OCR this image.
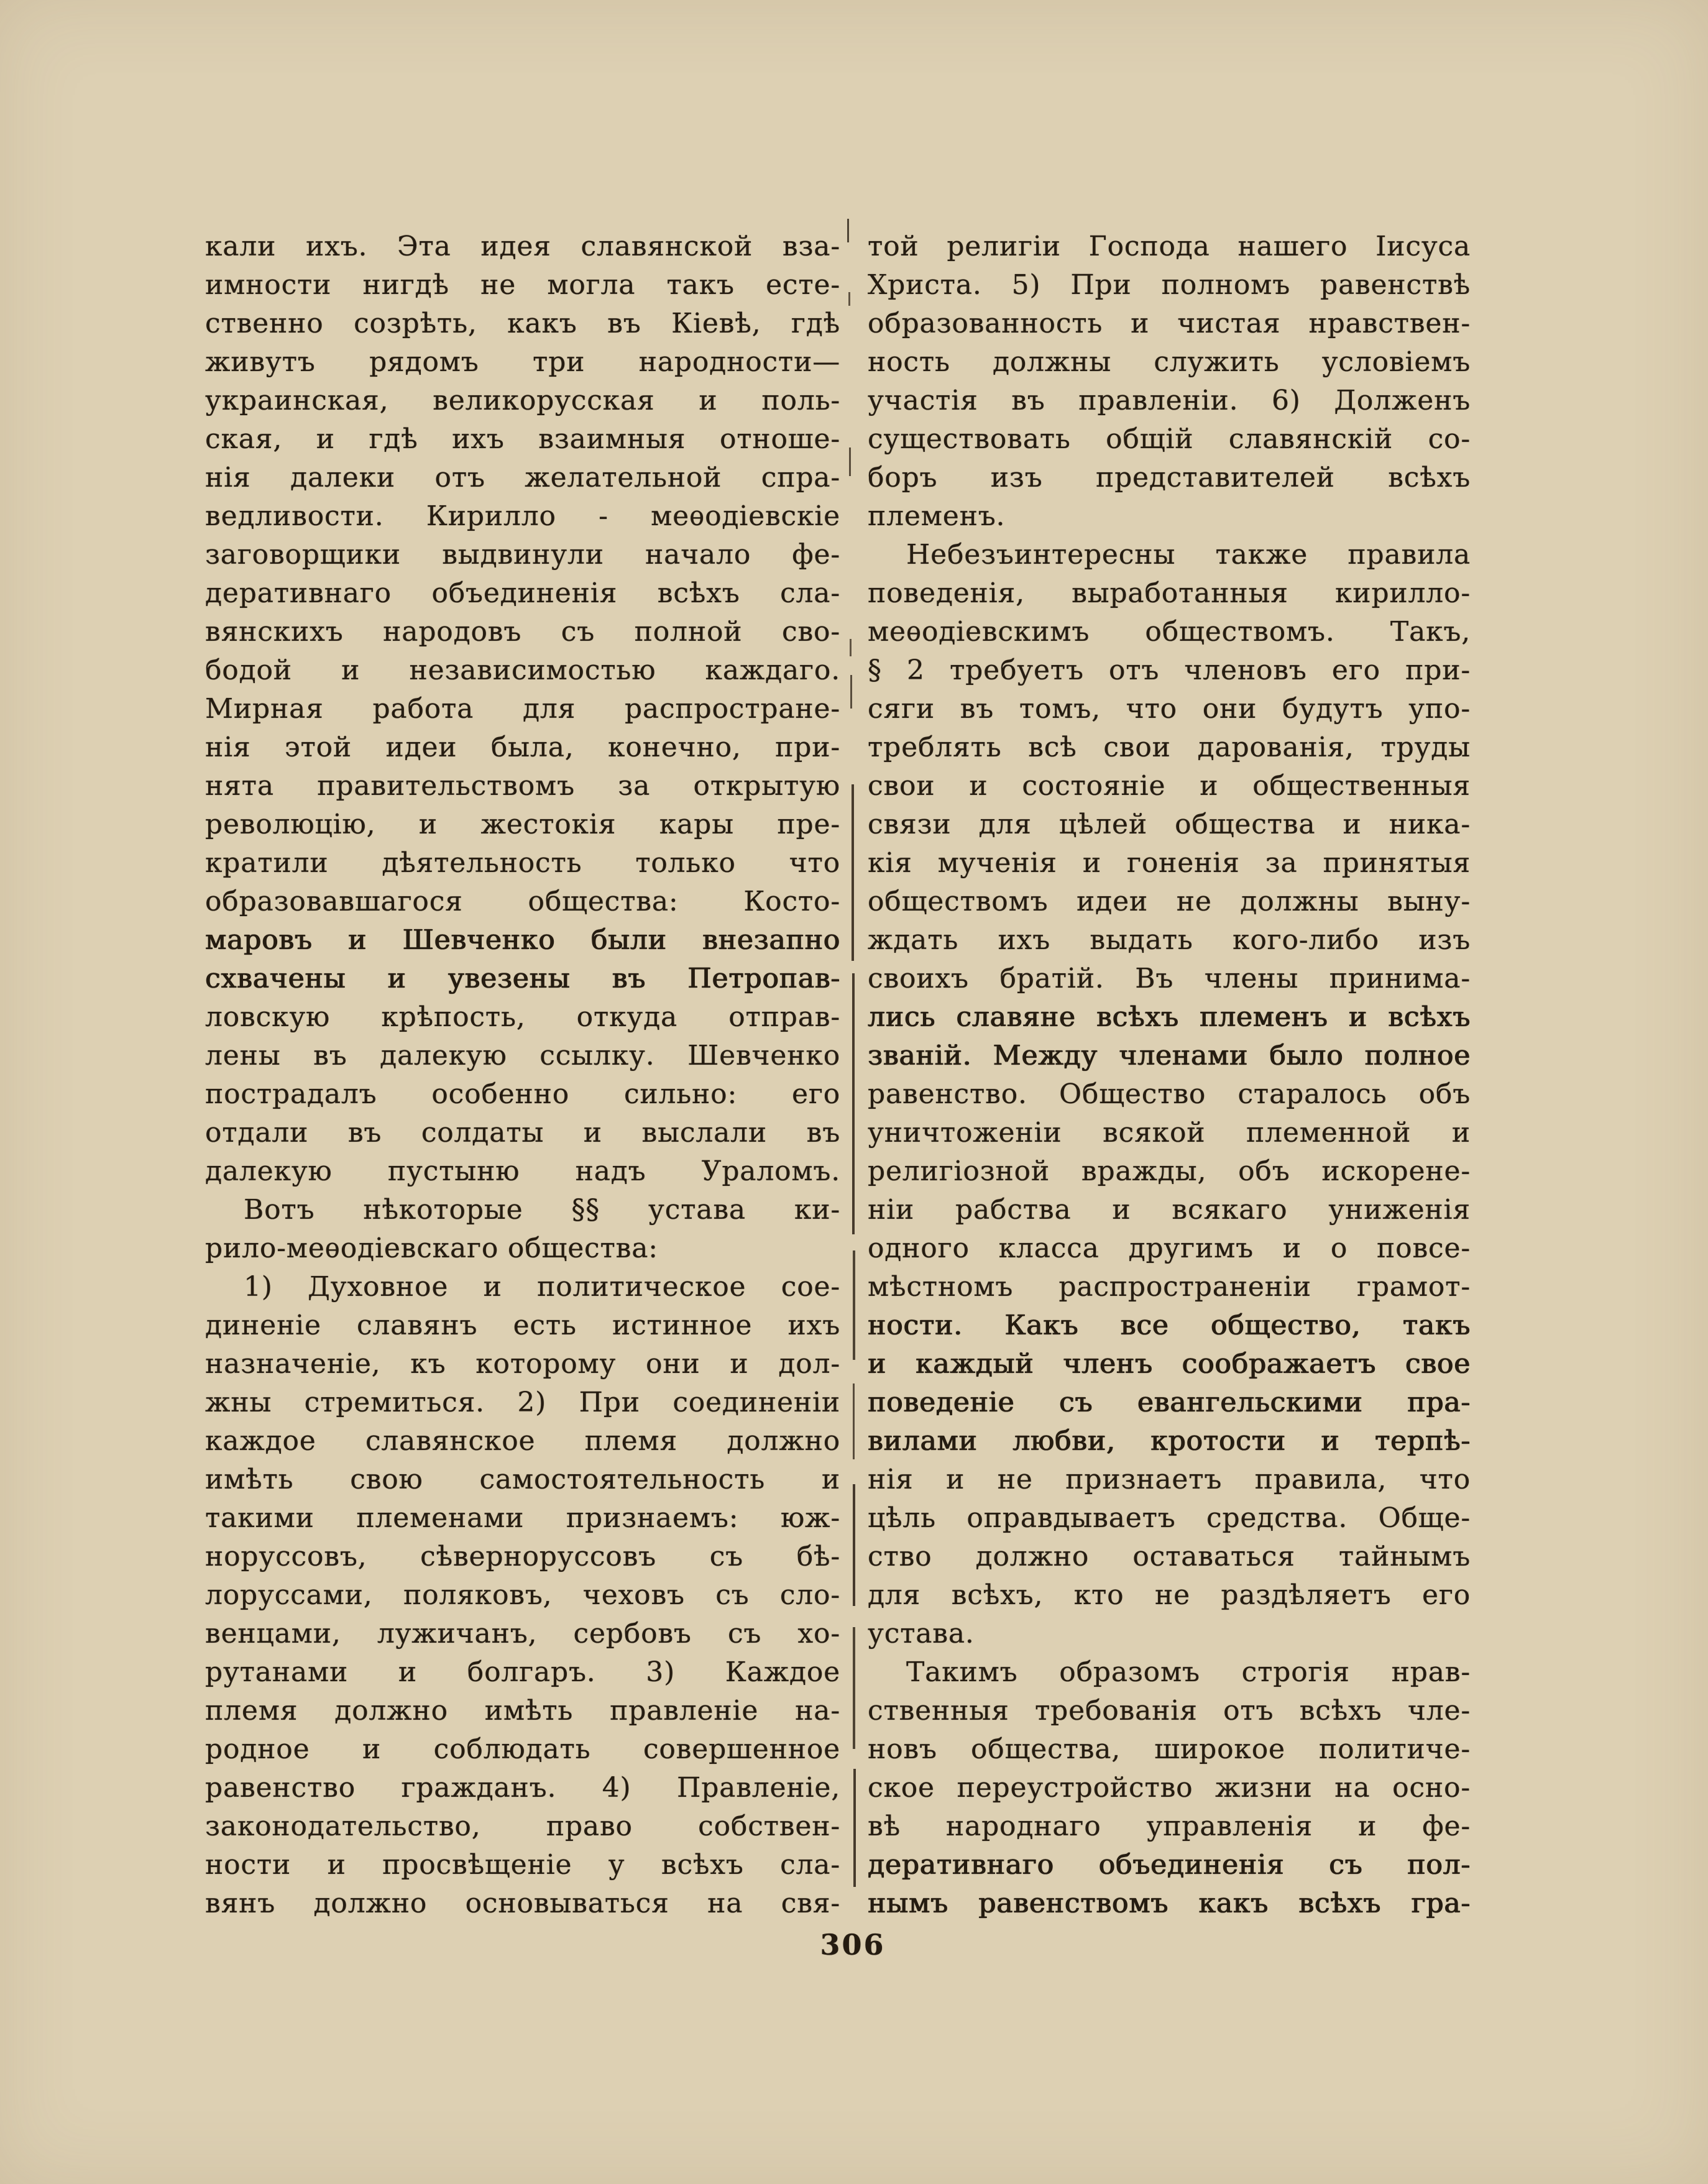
кали ихъ. Эта идея славянской вза-
имности нигдѣ не могла такъ есте-
ственно созрѣть, какъ въ Кіевѣ, гдѣ
живутъ рядомъ три народности—
украинская, великорусская и поль-
ская, и гдѣ ихъ взаимныя отноше-
нія далеки отъ желательной спра-
ведливости. Кирилло - меѳодіевскіе
заговорщики выдвинули начало фе-
деративнаго объединенія всѣхъ сла-
вянскихъ народовъ съ полной сво-
бодой и независимостью каждаго.
Мирная работа для распростране-
нія этой идеи была, конечно, при-
нята правительствомъ за открытую
революцію, и жестокія кары пре-
кратили дѣятельность только что
образовавшагося общества: Косто-
маровъ и Шевченко были внезапно
схвачены и увезены въ Петропав-
ловскую крѣпость, откуда отправ-
лены въ далекую ссылку. Шевченко
пострадалъ особенно сильно: его
отдали въ солдаты и выслали въ
далекую пустыню надъ Ураломъ.
Вотъ нѣкоторые §§ устава ки-
рило-меѳодіевскаго общества:
1) Духовное и политическое сое-
диненіе славянъ есть истинное ихъ
назначеніе, къ которому они и дол-
жны стремиться. 2) При соединеніи
каждое славянское племя должно
имѣть свою самостоятельность и
такими племенами признаемъ: юж-
норуссовъ, сѣверноруссовъ съ бѣ-
лоруссами, поляковъ, чеховъ съ сло-
венцами, лужичанъ, сербовъ съ хо-
рутанами и болгаръ. 3) Каждое
племя должно имѣть правленіе на-
родное и соблюдать совершенное
равенство гражданъ. 4) Правленіе,
законодательство, право собствен-
ности и просвѣщеніе у всѣхъ сла-
вянъ должно основываться на свя-
той религіи Господа нашего Іисуса
Христа. 5) При полномъ равенствѣ
образованность и чистая нравствен-
ность должны служить условіемъ
участія въ правленіи. 6) Долженъ
существовать общій славянскій со-
боръ изъ представителей всѣхъ
племенъ.
Небезъинтересны также правила
поведенія, выработанныя кирилло-
меѳодіевскимъ обществомъ. Такъ,
§ 2 требуетъ отъ членовъ его при-
сяги въ томъ, что они будутъ упо-
треблять всѣ свои дарованія, труды
свои и состояніе и общественныя
связи для цѣлей общества и ника-
кія мученія и гоненія за принятыя
обществомъ идеи не должны выну-
ждать ихъ выдать кого-либо изъ
своихъ братій. Въ члены принима-
лись славяне всѣхъ племенъ и всѣхъ
званій. Между членами было полное
равенство. Общество старалось объ
уничтоженіи всякой племенной и
религіозной вражды, объ искорене-
ніи рабства и всякаго униженія
одного класса другимъ и о повсе-
мѣстномъ распространеніи грамот-
ности. Какъ все общество, такъ
и каждый членъ соображаетъ свое
поведеніе съ евангельскими пра-
вилами любви, кротости и терпѣ-
нія и не признаетъ правила, что
цѣль оправдываетъ средства. Обще-
ство должно оставаться тайнымъ
для всѣхъ, кто не раздѣляетъ его
устава.
Такимъ образомъ строгія нрав-
ственныя требованія отъ всѣхъ чле-
новъ общества, широкое политиче-
ское переустройство жизни на осно-
вѣ народнаго управленія и фе-
деративнаго объединенія съ пол-
нымъ равенствомъ какъ всѣхъ гра-
306
